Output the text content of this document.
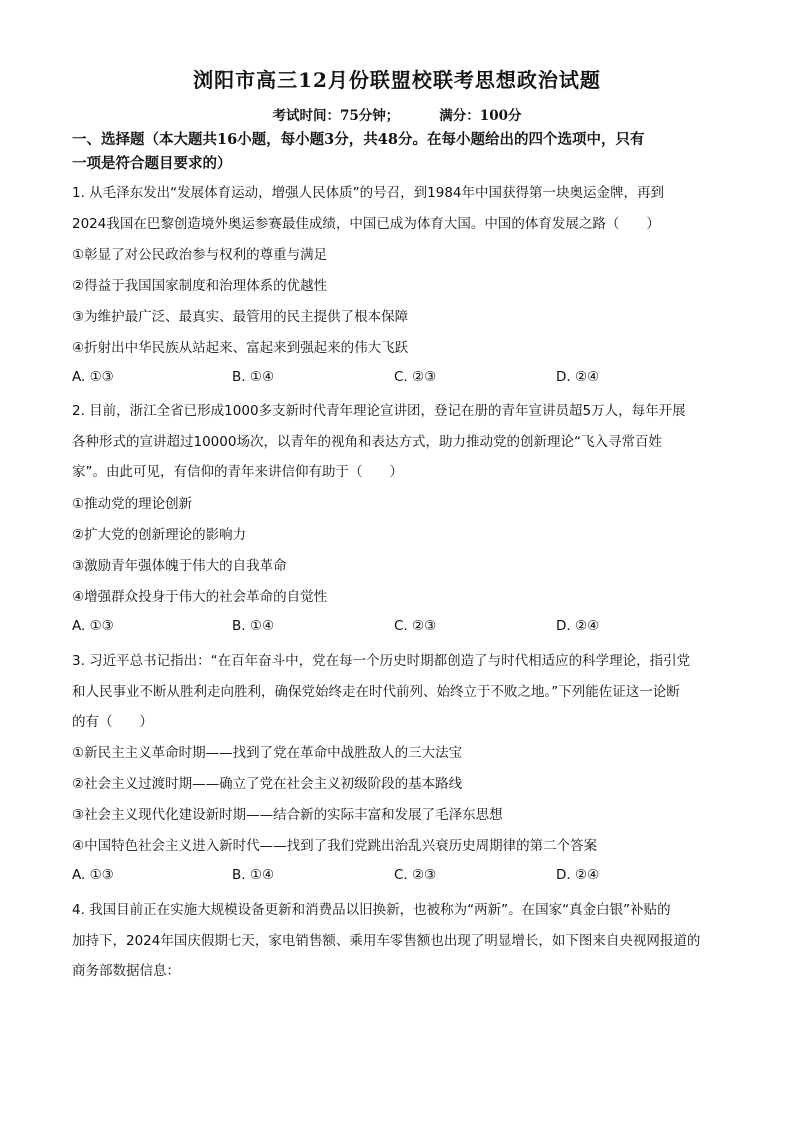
浏阳市高三12月份联盟校联考思想政治试题
考试时间：75分钟；	满分：100分
一、选择题（本大题共16小题，每小题3分，共48分。在每小题给出的四个选项中，只有
一项是符合题目要求的）
1. 从毛泽东发出“发展体育运动，增强人民体质”的号召，到1984年中国获得第一块奥运金牌，再到
2024我国在巴黎创造境外奥运参赛最佳成绩，中国已成为体育大国。中国的体育发展之路（　　）
①彰显了对公民政治参与权利的尊重与满足
②得益于我国国家制度和治理体系的优越性
③为维护最广泛、最真实、最管用的民主提供了根本保障
④折射出中华民族从站起来、富起来到强起来的伟大飞跃
A. ①③	B. ①④	C. ②③	D. ②④
2. 目前，浙江全省已形成1000多支新时代青年理论宣讲团，登记在册的青年宣讲员超5万人，每年开展
各种形式的宣讲超过10000场次，以青年的视角和表达方式，助力推动党的创新理论“飞入寻常百姓
家”。由此可见，有信仰的青年来讲信仰有助于（　　）
①推动党的理论创新
②扩大党的创新理论的影响力
③激励青年强体魄于伟大的自我革命
④增强群众投身于伟大的社会革命的自觉性
A. ①③	B. ①④	C. ②③	D. ②④
3. 习近平总书记指出：“在百年奋斗中，党在每一个历史时期都创造了与时代相适应的科学理论，指引党
和人民事业不断从胜利走向胜利，确保党始终走在时代前列、始终立于不败之地。”下列能佐证这一论断
的有（　　）
①新民主主义革命时期——找到了党在革命中战胜敌人的三大法宝
②社会主义过渡时期——确立了党在社会主义初级阶段的基本路线
③社会主义现代化建设新时期——结合新的实际丰富和发展了毛泽东思想
④中国特色社会主义进入新时代——找到了我们党跳出治乱兴衰历史周期律的第二个答案
A. ①③	B. ①④	C. ②③	D. ②④
4. 我国目前正在实施大规模设备更新和消费品以旧换新，也被称为“两新”。在国家“真金白银”补贴的
加持下，2024年国庆假期七天，家电销售额、乘用车零售额也出现了明显增长，如下图来自央视网报道的
商务部数据信息：
